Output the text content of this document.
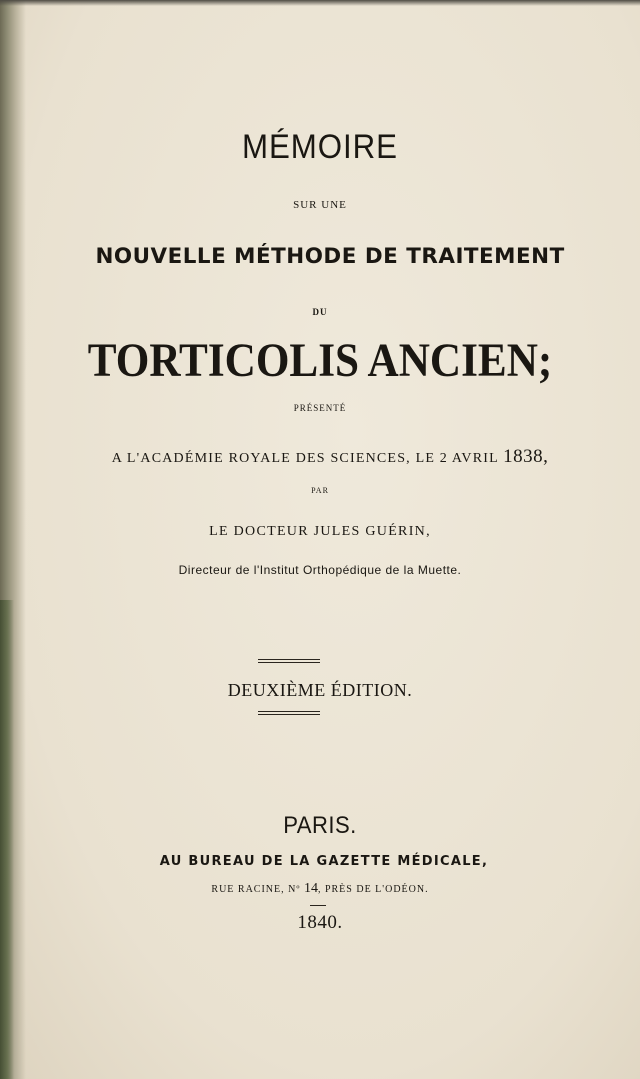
MÉMOIRE
SUR UNE
NOUVELLE MÉTHODE DE TRAITEMENT
DU
TORTICOLIS ANCIEN;
PRÉSENTÉ
A L'ACADÉMIE ROYALE DES SCIENCES, LE 2 AVRIL 1838,
PAR
LE DOCTEUR JULES GUÉRIN,
Directeur de l'Institut Orthopédique de la Muette.
DEUXIÈME ÉDITION.
PARIS.
AU BUREAU DE LA GAZETTE MÉDICALE,
RUE RACINE, Nº 14, PRÈS DE L'ODÉON.
1840.
